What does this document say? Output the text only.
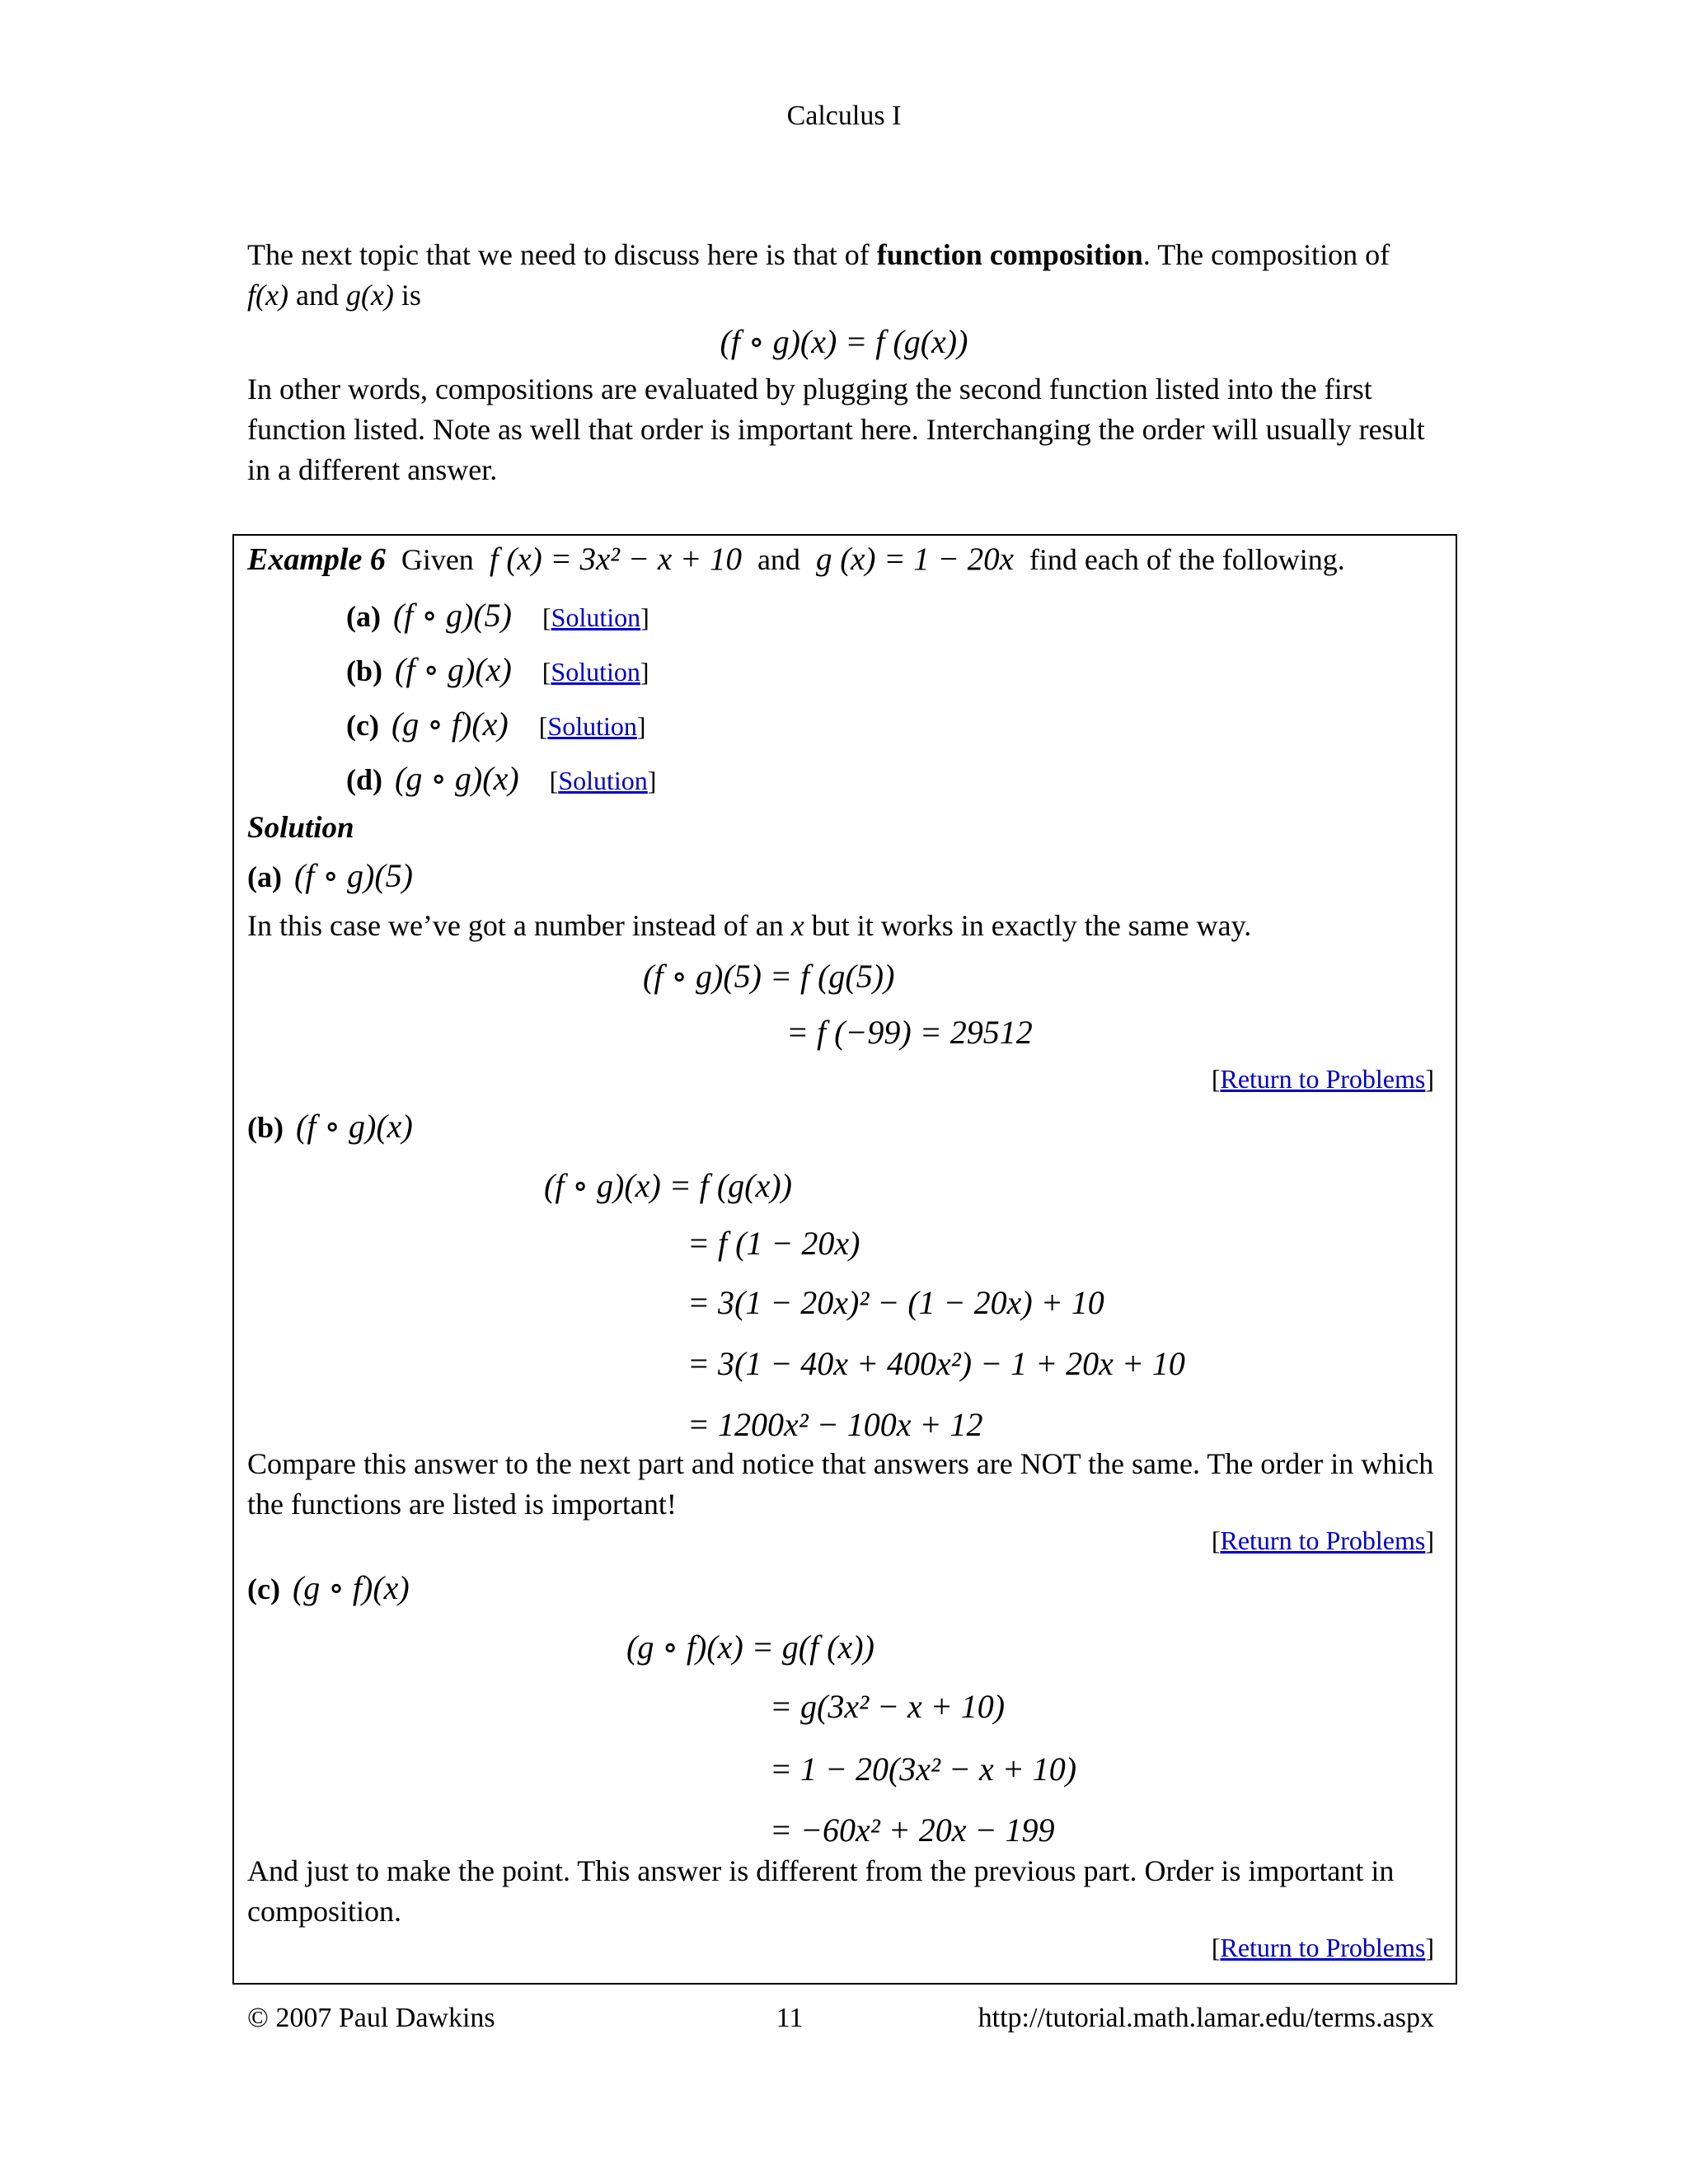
Calculus I
The next topic that we need to discuss here is that of function composition. The composition of f(x) and g(x) is
(f ∘ g)(x) = f (g(x))
In other words, compositions are evaluated by plugging the second function listed into the first function listed. Note as well that order is important here. Interchanging the order will usually result in a different answer.
Example 6 Given f (x) = 3x² − x + 10 and g (x) = 1 − 20x find each of the following.
(a) (f ∘ g)(5) [Solution]
(b) (f ∘ g)(x) [Solution]
(c) (g ∘ f)(x) [Solution]
(d) (g ∘ g)(x) [Solution]
Solution
(a) (f ∘ g)(5)
In this case we’ve got a number instead of an x but it works in exactly the same way.
(f ∘ g)(5) = f (g(5))
= f (−99) = 29512
[Return to Problems]
(b) (f ∘ g)(x)
(f ∘ g)(x) = f (g(x))
= f (1 − 20x)
= 3(1 − 20x)² − (1 − 20x) + 10
= 3(1 − 40x + 400x²) − 1 + 20x + 10
= 1200x² − 100x + 12
Compare this answer to the next part and notice that answers are NOT the same. The order in which the functions are listed is important!
[Return to Problems]
(c) (g ∘ f)(x)
(g ∘ f)(x) = g(f (x))
= g(3x² − x + 10)
= 1 − 20(3x² − x + 10)
= −60x² + 20x − 199
And just to make the point. This answer is different from the previous part. Order is important in composition.
[Return to Problems]
© 2007 Paul Dawkins	11	http://tutorial.math.lamar.edu/terms.aspx
